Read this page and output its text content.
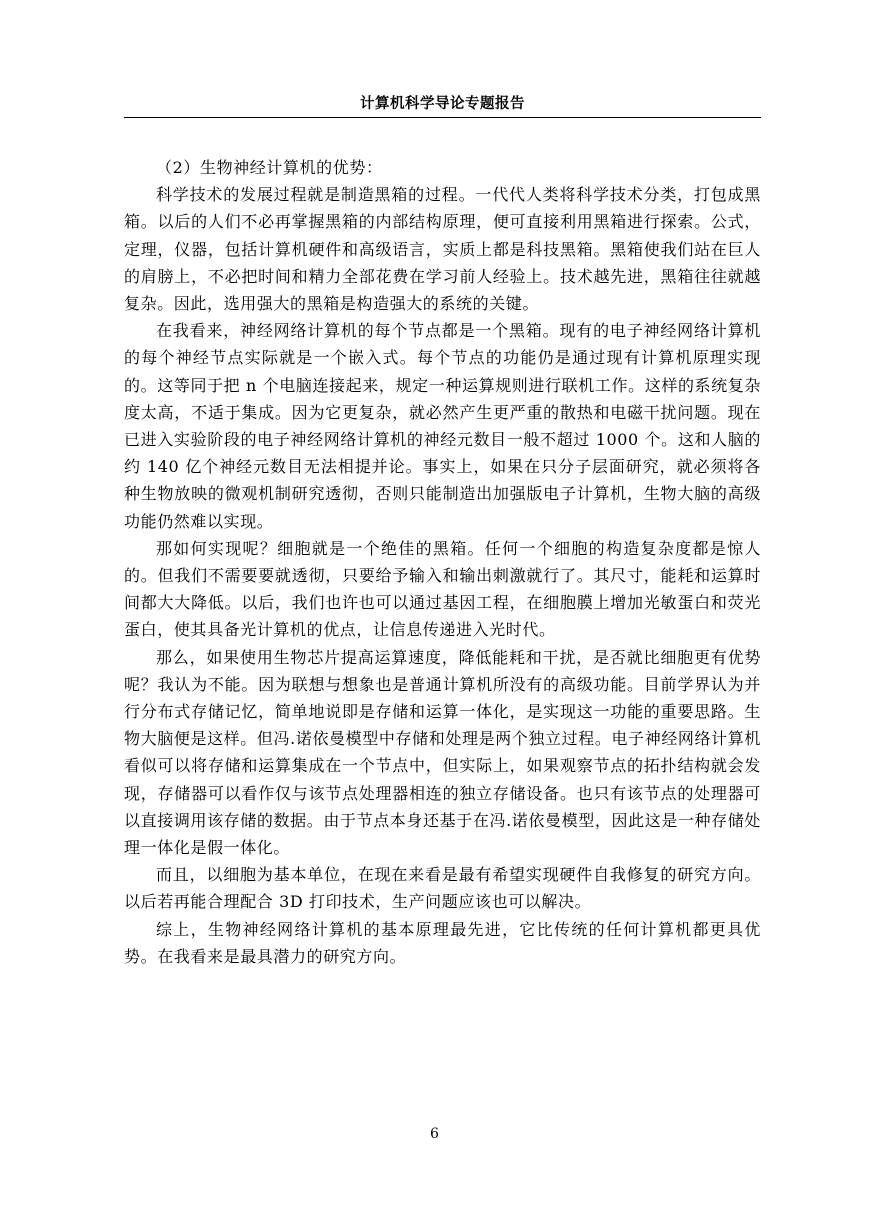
计算机科学导论专题报告

（2）生物神经计算机的优势：

科学技术的发展过程就是制造黑箱的过程。一代代人类将科学技术分类，打包成黑箱。以后的人们不必再掌握黑箱的内部结构原理，便可直接利用黑箱进行探索。公式，定理，仪器，包括计算机硬件和高级语言，实质上都是科技黑箱。黑箱使我们站在巨人的肩膀上，不必把时间和精力全部花费在学习前人经验上。技术越先进，黑箱往往就越复杂。因此，选用强大的黑箱是构造强大的系统的关键。

在我看来，神经网络计算机的每个节点都是一个黑箱。现有的电子神经网络计算机的每个神经节点实际就是一个嵌入式。每个节点的功能仍是通过现有计算机原理实现的。这等同于把 n 个电脑连接起来，规定一种运算规则进行联机工作。这样的系统复杂度太高，不适于集成。因为它更复杂，就必然产生更严重的散热和电磁干扰问题。现在已进入实验阶段的电子神经网络计算机的神经元数目一般不超过 1000 个。这和人脑的约 140 亿个神经元数目无法相提并论。事实上，如果在只分子层面研究，就必须将各种生物放映的微观机制研究透彻，否则只能制造出加强版电子计算机，生物大脑的高级功能仍然难以实现。

那如何实现呢？细胞就是一个绝佳的黑箱。任何一个细胞的构造复杂度都是惊人的。但我们不需要要就透彻，只要给予输入和输出刺激就行了。其尺寸，能耗和运算时间都大大降低。以后，我们也许也可以通过基因工程，在细胞膜上增加光敏蛋白和荧光蛋白，使其具备光计算机的优点，让信息传递进入光时代。

那么，如果使用生物芯片提高运算速度，降低能耗和干扰，是否就比细胞更有优势呢？我认为不能。因为联想与想象也是普通计算机所没有的高级功能。目前学界认为并行分布式存储记忆，简单地说即是存储和运算一体化，是实现这一功能的重要思路。生物大脑便是这样。但冯.诺依曼模型中存储和处理是两个独立过程。电子神经网络计算机看似可以将存储和运算集成在一个节点中，但实际上，如果观察节点的拓扑结构就会发现，存储器可以看作仅与该节点处理器相连的独立存储设备。也只有该节点的处理器可以直接调用该存储的数据。由于节点本身还基于在冯.诺依曼模型，因此这是一种存储处理一体化是假一体化。

而且，以细胞为基本单位，在现在来看是最有希望实现硬件自我修复的研究方向。以后若再能合理配合 3D 打印技术，生产问题应该也可以解决。

综上，生物神经网络计算机的基本原理最先进，它比传统的任何计算机都更具优势。在我看来是最具潜力的研究方向。

6
